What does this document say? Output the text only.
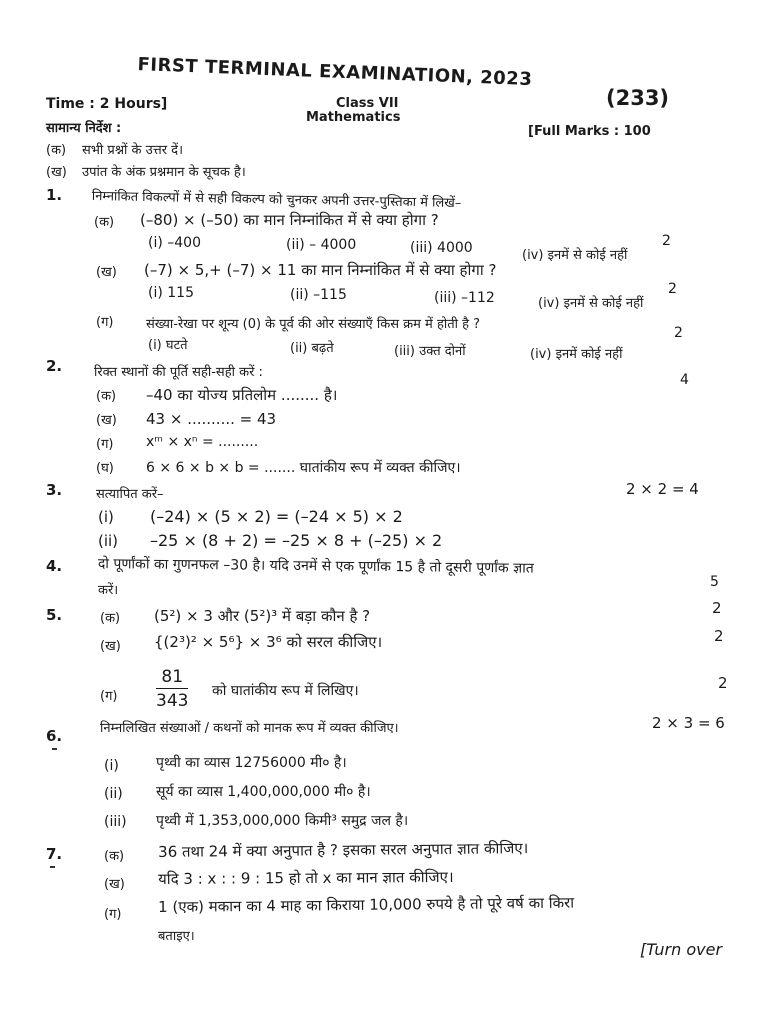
FIRST TERMINAL EXAMINATION, 2023
(233)
Time : 2 Hours]	Class VII
Mathematics
[Full Marks : 100
सामान्य निर्देश :
(क) सभी प्रश्नों के उत्तर दें।
(ख) उपांत के अंक प्रश्नमान के सूचक है।
1. निम्नांकित विकल्पों में से सही विकल्प को चुनकर अपनी उत्तर-पुस्तिका में लिखें–
(क) (–80) × (–50) का मान निम्नांकित में से क्या होगा ?
(i) –400	(ii) – 4000	(iii) 4000	(iv) इनमें से कोई नहीं
2
(ख) (–7) × 5,+ (–7) × 11 का मान निम्नांकित में से क्या होगा ?
(i) 115	(ii) –115	(iii) –112	(iv) इनमें से कोई नहीं
2
(ग)	संख्या-रेखा पर शून्य (0) के पूर्व की ओर संख्याएँ किस क्रम में होती है ?
2
(i) घटते	(ii) बढ़ते	(iii) उक्त दोनों	(iv) इनमें कोई नहीं
2. रिक्त स्थानों की पूर्ति सही-सही करें :	4
(क) –40 का योज्य प्रतिलोम ........ है।
(ख) 43 × .......... = 43
(ग) xᵐ × xⁿ = .........
(घ) 6 × 6 × b × b = ....... घातांकीय रूप में व्यक्त कीजिए।
3.	सत्यापित करें–	2 × 2 = 4
(i) (–24) × (5 × 2) = (–24 × 5) × 2
(ii) –25 × (8 + 2) = –25 × 8 + (–25) × 2
4.	दो पूर्णांकों का गुणनफल –30 है। यदि उनमें से एक पूर्णांक 15 है तो दूसरी पूर्णांक ज्ञात
करें।
5
5.	(क) (5²) × 3 और (5²)³ में बड़ा कौन है ?	2
(ख) {(2³)² × 5⁶} × 3⁶ को सरल कीजिए।	2
(ग) $\frac{81}{343}$ को घातांकीय रूप में लिखिए।	2
6.	निम्नलिखित संख्याओं / कथनों को मानक रूप में व्यक्त कीजिए।	2 × 3 = 6
(i)	पृथ्वी का व्यास 12756000 मी० है।
(ii) सूर्य का व्यास 1,400,000,000 मी० है।
(iii) पृथ्वी में 1,353,000,000 किमी³ समुद्र जल है।
7.	(क) 36 तथा 24 में क्या अनुपात है ? इसका सरल अनुपात ज्ञात कीजिए।
(ख) यदि 3 : x : : 9 : 15 हो तो x का मान ज्ञात कीजिए।
(ग) 1 (एक) मकान का 4 माह का किराया 10,000 रुपये है तो पूरे वर्ष का किरा
बताइए।
[Turn over
